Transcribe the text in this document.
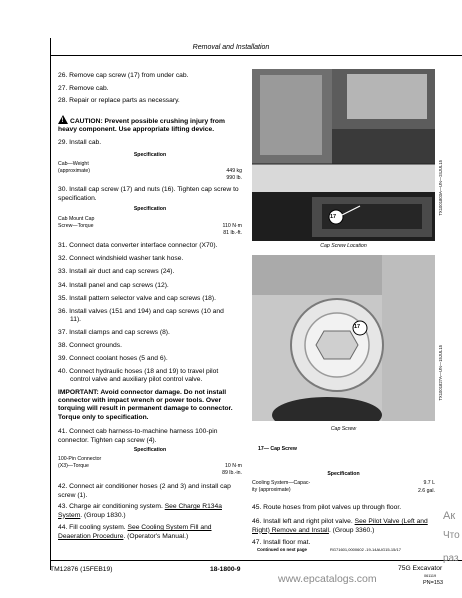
Removal and Installation
26. Remove cap screw (17) from under cab.
27. Remove cab.
28. Repair or replace parts as necessary.
!CAUTION: Prevent possible crushing injury from heavy component. Use appropriate lifting device.
29. Install cab.
Specification
Cab—Weight
(approximate)	449 kg
990 lb.
30. Install cap screw (17) and nuts (16). Tighten cap screw to specification.
Specification
Cab Mount Cap
Screw—Torque	110 N·m
81 lb.-ft.
31. Connect data converter interface connector (X70).
32. Connect windshield washer tank hose.
33. Install air duct and cap screws (24).
34. Install panel and cap screws (12).
35. Install pattern selector valve and cap screws (18).
36. Install valves (151 and 194) and cap screws (10 and
11).
37. Install clamps and cap screws (8).
38. Connect grounds.
39. Connect coolant hoses (5 and 6).
40. Connect hydraulic hoses (18 and 19) to travel pilot
control valve and auxiliary pilot control valve.
IMPORTANT: Avoid connector damage. Do not install connector with impact wrench or power tools. Over torquing will result in permanent damage to connector. Torque only to specification.
41. Connect cab harness-to-machine harness 100-pin connector. Tighten cap screw (4).
Specification
100-Pin Connector
(X3)—Torque	10 N·m
89 lb.-in.
42. Connect air conditioner hoses (2 and 3) and install cap screw (1).
43. Charge air conditioning system. See Charge R134a System. (Group 1830.)
44. Fill cooling system. See Cooling System Fill and Deaeration Procedure. (Operator's Manual.)
Continued on next page
17
Cap Screw Location
TX1001803A—UN—24JUL15
17
Cap Screw
TX1001827A—UN—15JUL15
17— Cap Screw
Specification
Cooling System—Capac-
ity (approximate)
9.7 L
2.6 gal.
45. Route hoses from pilot valves up through floor.
46. Install left and right pilot valve. See Pilot Valve (Left and Right) Remove and Install. (Group 3360.)
47. Install floor mat.
RG71601,0000602 -19-14AUG15-15/17
TM12876 (15FEB19)	18-1800-9	75G Excavator
061119
PN=153
www.epcatalogs.com
Ак
Что
раз
